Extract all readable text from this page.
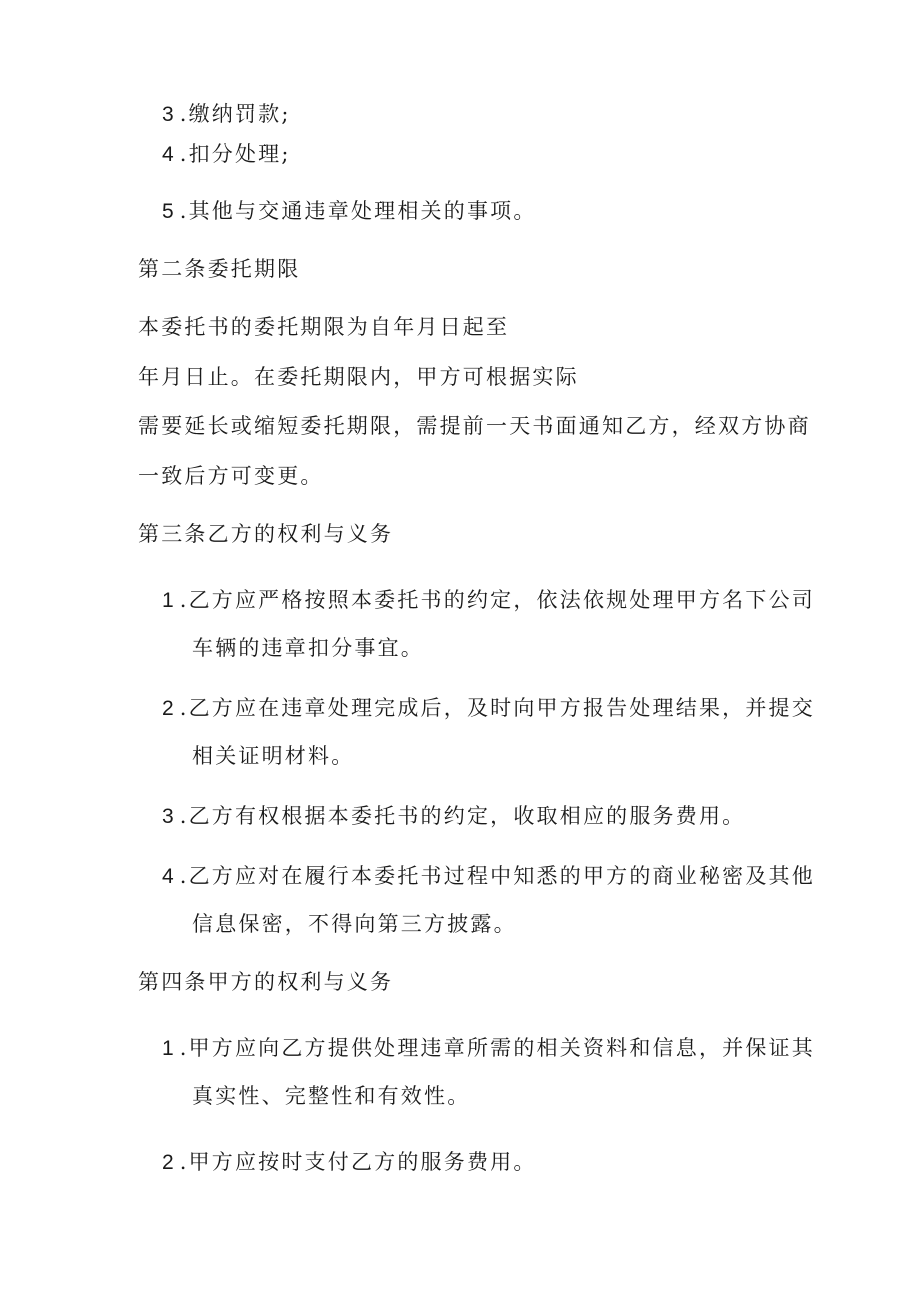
3 .缴纳罚款;
4 .扣分处理;
5 .其他与交通违章处理相关的事项。
第二条委托期限
本委托书的委托期限为自年月日起至
年月日止。在委托期限内，甲方可根据实际
需要延长或缩短委托期限，需提前一天书面通知乙方，经双方协商
一致后方可变更。
第三条乙方的权利与义务
1 .乙方应严格按照本委托书的约定，依法依规处理甲方名下公司
车辆的违章扣分事宜。
2 .乙方应在违章处理完成后，及时向甲方报告处理结果，并提交
相关证明材料。
3 .乙方有权根据本委托书的约定，收取相应的服务费用。
4 .乙方应对在履行本委托书过程中知悉的甲方的商业秘密及其他
信息保密，不得向第三方披露。
第四条甲方的权利与义务
1 .甲方应向乙方提供处理违章所需的相关资料和信息，并保证其
真实性、完整性和有效性。
2 .甲方应按时支付乙方的服务费用。
